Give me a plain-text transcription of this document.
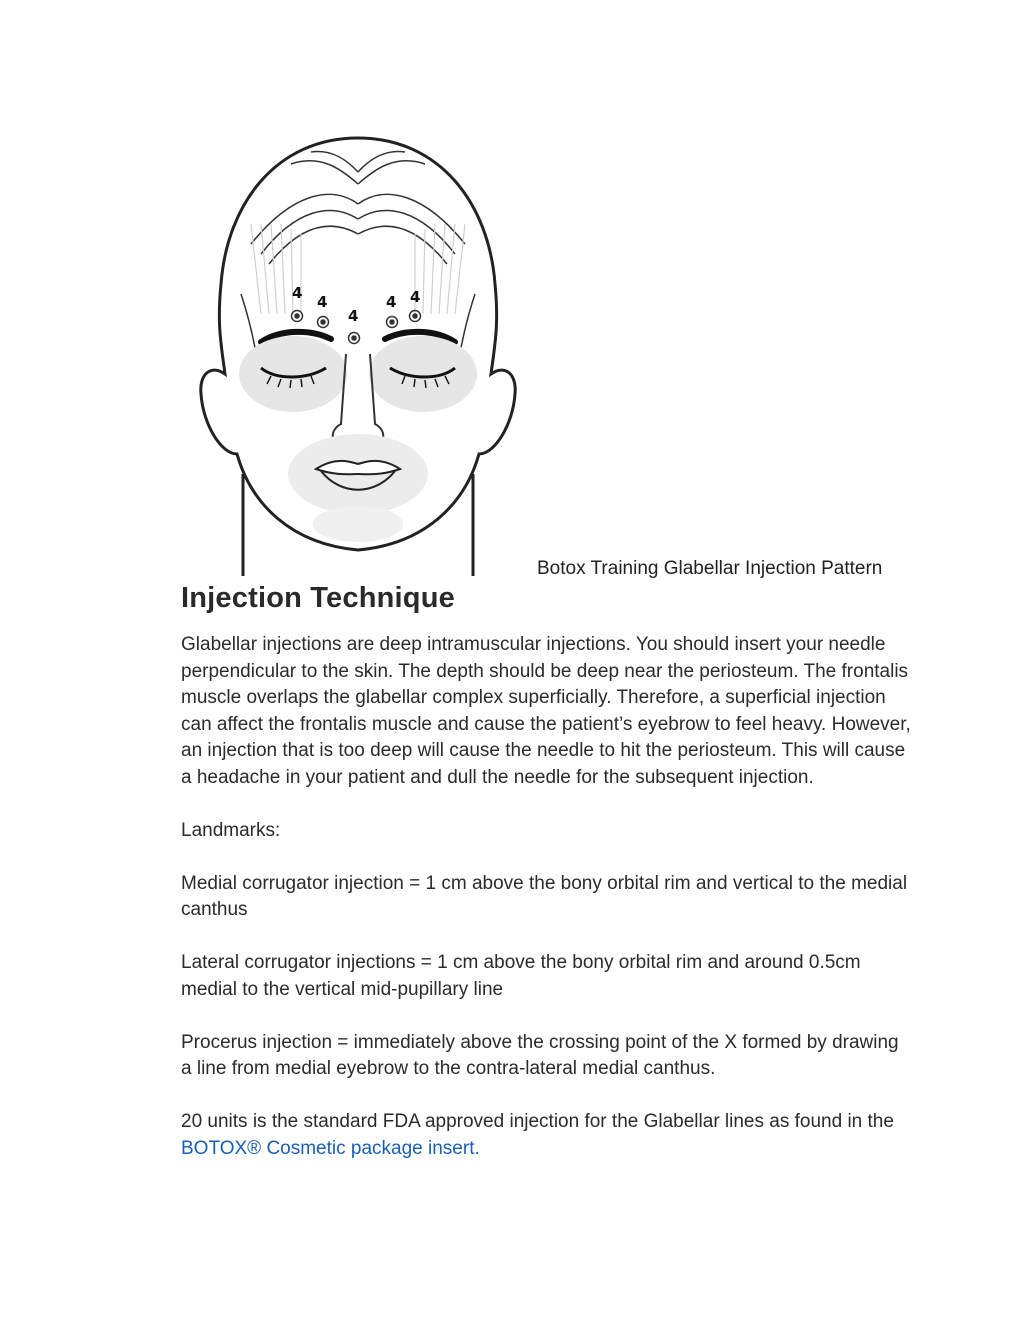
4 4
4
4 4
Botox Training Glabellar Injection Pattern
Injection Technique

Glabellar injections are deep intramuscular injections. You should insert your needle perpendicular to the skin. The depth should be deep near the periosteum. The frontalis muscle overlaps the glabellar complex superficially. Therefore, a superficial injection can affect the frontalis muscle and cause the patient’s eyebrow to feel heavy. However, an injection that is too deep will cause the needle to hit the periosteum. This will cause a headache in your patient and dull the needle for the subsequent injection.

Landmarks:

Medial corrugator injection = 1 cm above the bony orbital rim and vertical to the medial canthus

Lateral corrugator injections = 1 cm above the bony orbital rim and around 0.5cm medial to the vertical mid-pupillary line

Procerus injection = immediately above the crossing point of the X formed by drawing a line from medial eyebrow to the contra-lateral medial canthus.

20 units is the standard FDA approved injection for the Glabellar lines as found in the BOTOX® Cosmetic package insert.
